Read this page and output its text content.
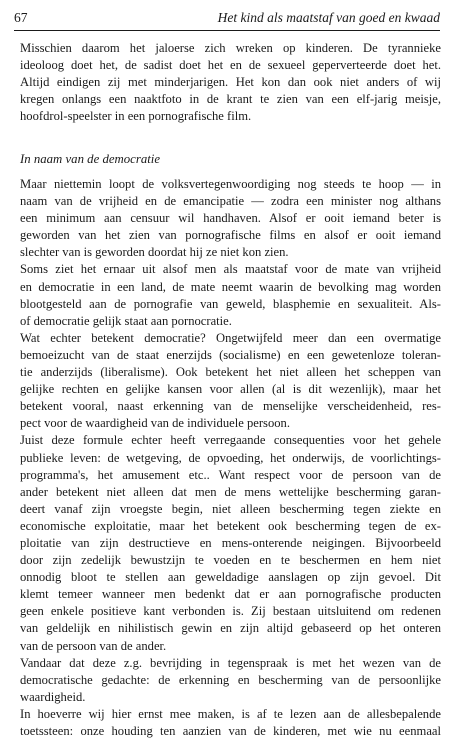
67	Het kind als maatstaf van goed en kwaad
Misschien daarom het jaloerse zich wreken op kinderen. De tyrannieke
ideoloog doet het, de sadist doet het en de sexueel geperverteerde doet het.
Altijd eindigen zij met minderjarigen. Het kon dan ook niet anders of wij
kregen onlangs een naaktfoto in de krant te zien van een elf-jarig meisje,
hoofdrol-speelster in een pornografische film.
In naam van de democratie
Maar niettemin loopt de volksvertegenwoordiging nog steeds te hoop — in
naam van de vrijheid en de emancipatie — zodra een minister nog althans
een minimum aan censuur wil handhaven. Alsof er ooit iemand beter is
geworden van het zien van pornografische films en alsof er ooit iemand
slechter van is geworden doordat hij ze niet kon zien.
Soms ziet het ernaar uit alsof men als maatstaf voor de mate van vrijheid
en democratie in een land, de mate neemt waarin de bevolking mag worden
blootgesteld aan de pornografie van geweld, blasphemie en sexualiteit. Als-
of democratie gelijk staat aan pornocratie.
Wat echter betekent democratie? Ongetwijfeld meer dan een overmatige
bemoeizucht van de staat enerzijds (socialisme) en een gewetenloze toleran-
tie anderzijds (liberalisme). Ook betekent het niet alleen het scheppen van
gelijke rechten en gelijke kansen voor allen (al is dit wezenlijk), maar het
betekent vooral, naast erkenning van de menselijke verscheidenheid, res-
pect voor de waardigheid van de individuele persoon.
Juist deze formule echter heeft verregaande consequenties voor het gehele
publieke leven: de wetgeving, de opvoeding, het onderwijs, de voorlichtings-
programma's, het amusement etc.. Want respect voor de persoon van de
ander betekent niet alleen dat men de mens wettelijke bescherming garan-
deert vanaf zijn vroegste begin, niet alleen bescherming tegen ziekte en
economische exploitatie, maar het betekent ook bescherming tegen de ex-
ploitatie van zijn destructieve en mens-onterende neigingen. Bijvoorbeeld
door zijn zedelijk bewustzijn te voeden en te beschermen en hem niet
onnodig bloot te stellen aan geweldadige aanslagen op zijn gevoel. Dit
klemt temeer wanneer men bedenkt dat er aan pornografische producten
geen enkele positieve kant verbonden is. Zij bestaan uitsluitend om redenen
van geldelijk en nihilistisch gewin en zijn altijd gebaseerd op het onteren
van de persoon van de ander.
Vandaar dat deze z.g. bevrijding in tegenspraak is met het wezen van de
democratische gedachte: de erkenning en bescherming van de persoonlijke
waardigheid.
In hoeverre wij hier ernst mee maken, is af te lezen aan de allesbepalende
toetssteen: onze houding ten aanzien van de kinderen, met wie nu eenmaal
